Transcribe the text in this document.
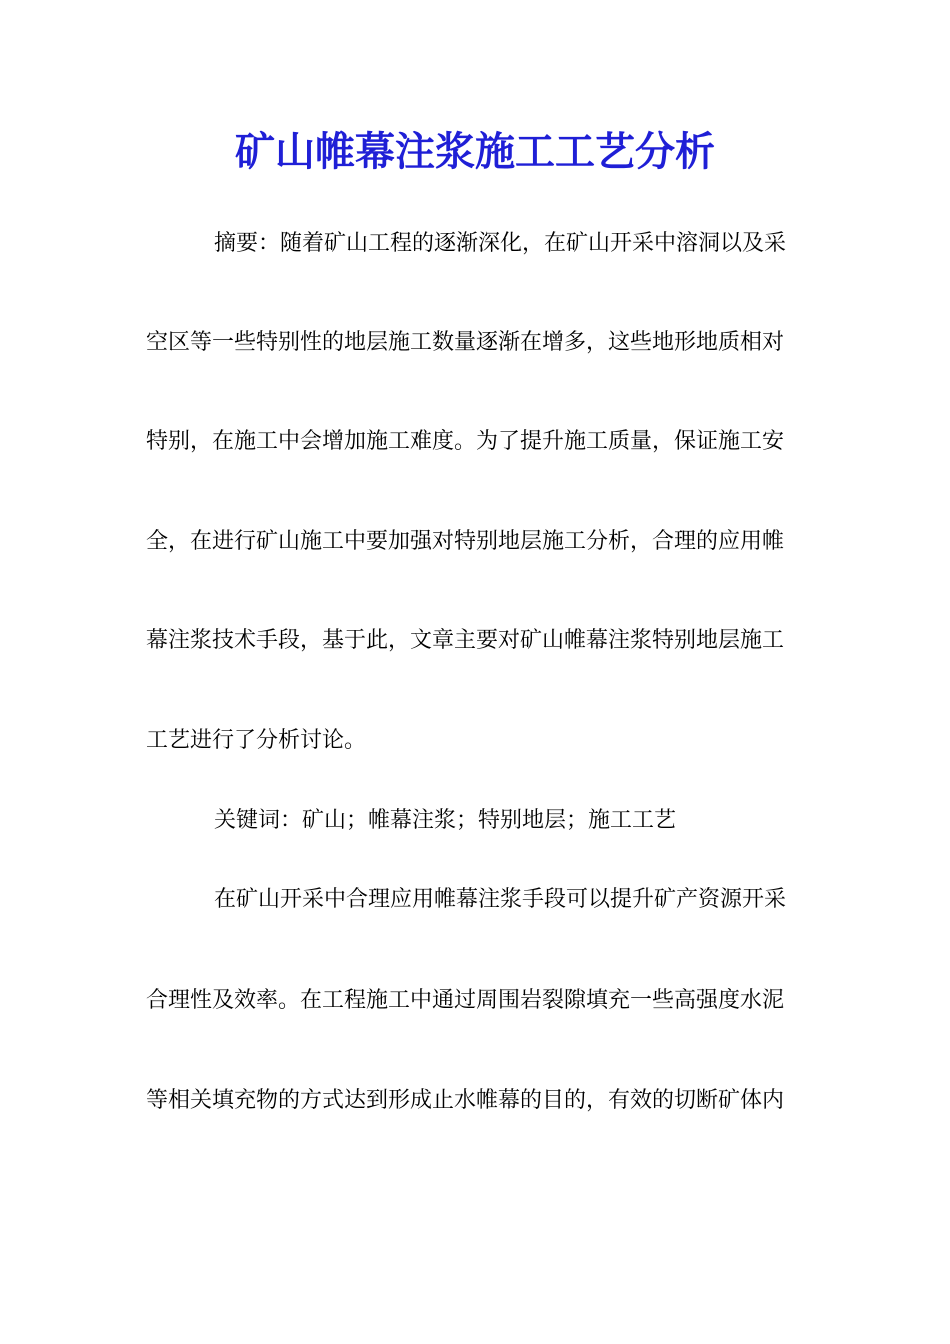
矿山帷幕注浆施工工艺分析
摘要：随着矿山工程的逐渐深化，在矿山开采中溶洞以及采
空区等一些特别性的地层施工数量逐渐在增多，这些地形地质相对
特别，在施工中会增加施工难度。为了提升施工质量，保证施工安
全，在进行矿山施工中要加强对特别地层施工分析，合理的应用帷
幕注浆技术手段，基于此，文章主要对矿山帷幕注浆特别地层施工
工艺进行了分析讨论。
关键词：矿山；帷幕注浆；特别地层；施工工艺
在矿山开采中合理应用帷幕注浆手段可以提升矿产资源开采
合理性及效率。在工程施工中通过周围岩裂隙填充一些高强度水泥
等相关填充物的方式达到形成止水帷幕的目的，有效的切断矿体内
